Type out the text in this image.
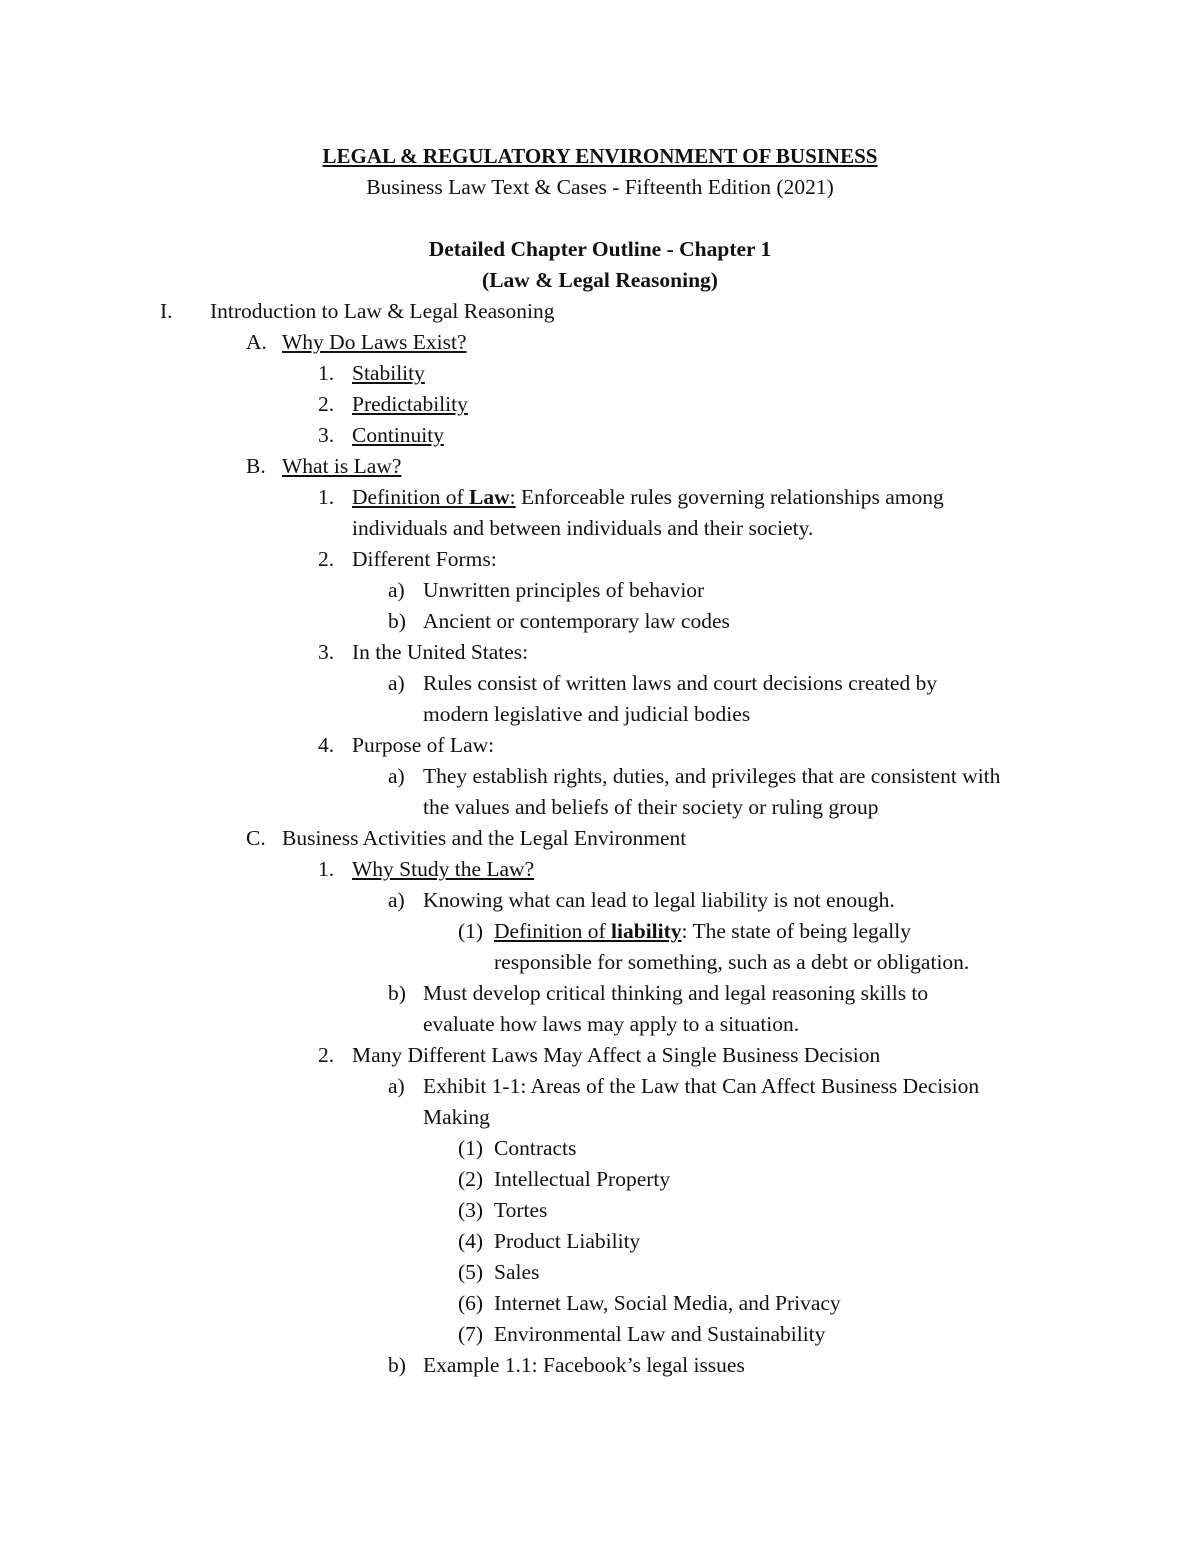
LEGAL & REGULATORY ENVIRONMENT OF BUSINESS
Business Law Text & Cases - Fifteenth Edition (2021)
Detailed Chapter Outline - Chapter 1
(Law & Legal Reasoning)
I. Introduction to Law & Legal Reasoning
A. Why Do Laws Exist?
1. Stability
2. Predictability
3. Continuity
B. What is Law?
1. Definition of Law: Enforceable rules governing relationships among
individuals and between individuals and their society.
2. Different Forms:
a) Unwritten principles of behavior
b) Ancient or contemporary law codes
3. In the United States:
a) Rules consist of written laws and court decisions created by
modern legislative and judicial bodies
4. Purpose of Law:
a) They establish rights, duties, and privileges that are consistent with
the values and beliefs of their society or ruling group
C. Business Activities and the Legal Environment
1. Why Study the Law?
a) Knowing what can lead to legal liability is not enough.
(1) Definition of liability: The state of being legally
responsible for something, such as a debt or obligation.
b) Must develop critical thinking and legal reasoning skills to
evaluate how laws may apply to a situation.
2. Many Different Laws May Affect a Single Business Decision
a) Exhibit 1-1: Areas of the Law that Can Affect Business Decision
Making
(1) Contracts
(2) Intellectual Property
(3) Tortes
(4) Product Liability
(5) Sales
(6) Internet Law, Social Media, and Privacy
(7) Environmental Law and Sustainability
b) Example 1.1: Facebook’s legal issues
